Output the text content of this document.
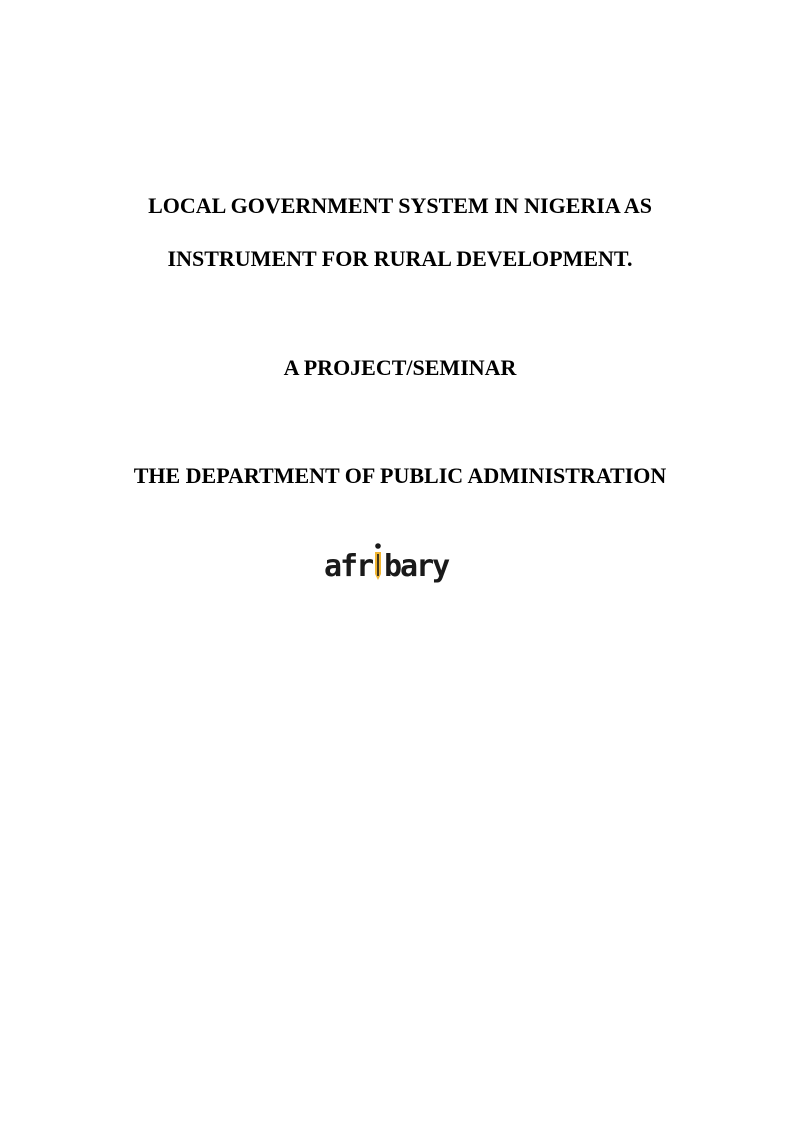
LOCAL GOVERNMENT SYSTEM IN NIGERIA AS
INSTRUMENT FOR RURAL DEVELOPMENT.
A PROJECT/SEMINAR
THE DEPARTMENT OF PUBLIC ADMINISTRATION
afr bary
